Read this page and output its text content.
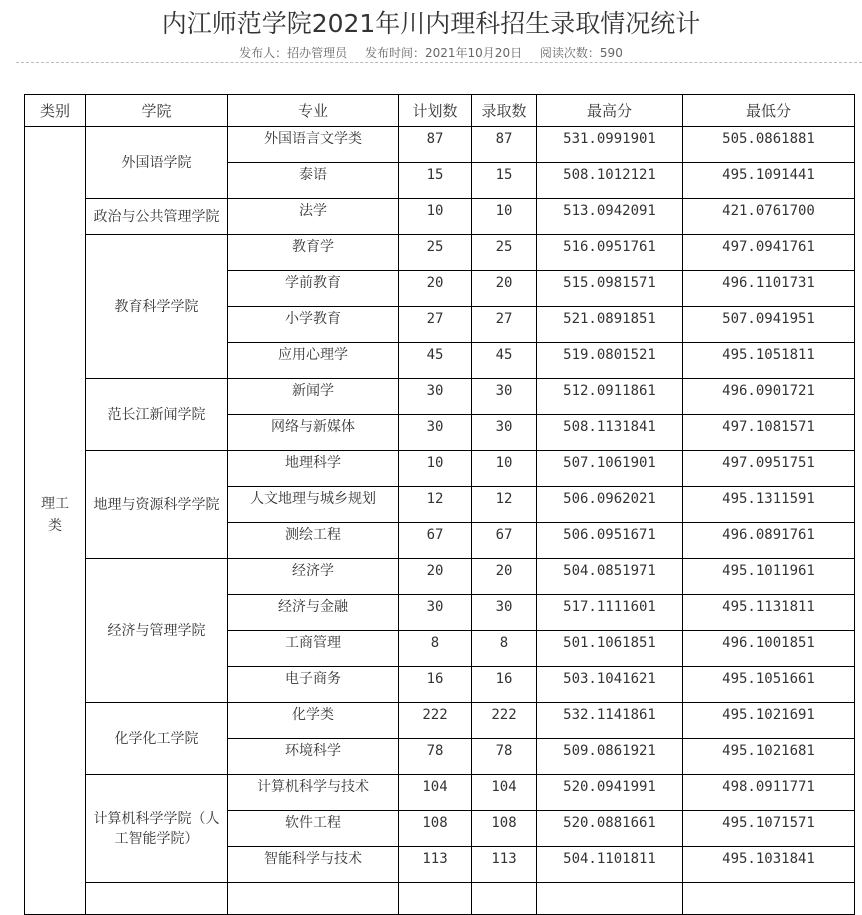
内江师范学院2021年川内理科招生录取情况统计
发布人：招办管理员 发布时间：2021年10月20日 阅读次数：590
类别	学院	专业	计划数	录取数	最高分	最低分
理工类	外国语学院	外国语言文学类	87	87	531.0991901	505.0861881
		泰语	15	15	508.1012121	495.1091441
	政治与公共管理学院	法学	10	10	513.0942091	421.0761700
	教育科学学院	教育学	25	25	516.0951761	497.0941761
		学前教育	20	20	515.0981571	496.1101731
		小学教育	27	27	521.0891851	507.0941951
		应用心理学	45	45	519.0801521	495.1051811
	范长江新闻学院	新闻学	30	30	512.0911861	496.0901721
		网络与新媒体	30	30	508.1131841	497.1081571
	地理与资源科学学院	地理科学	10	10	507.1061901	497.0951751
		人文地理与城乡规划	12	12	506.0962021	495.1311591
		测绘工程	67	67	506.0951671	496.0891761
	经济与管理学院	经济学	20	20	504.0851971	495.1011961
		经济与金融	30	30	517.1111601	495.1131811
		工商管理	8	8	501.1061851	496.1001851
		电子商务	16	16	503.1041621	495.1051661
	化学化工学院	化学类	222	222	532.1141861	495.1021691
		环境科学	78	78	509.0861921	495.1021681
	计算机科学学院（人工智能学院）	计算机科学与技术	104	104	520.0941991	498.0911771
		软件工程	108	108	520.0881661	495.1071571
		智能科学与技术	113	113	504.1101811	495.1031841
